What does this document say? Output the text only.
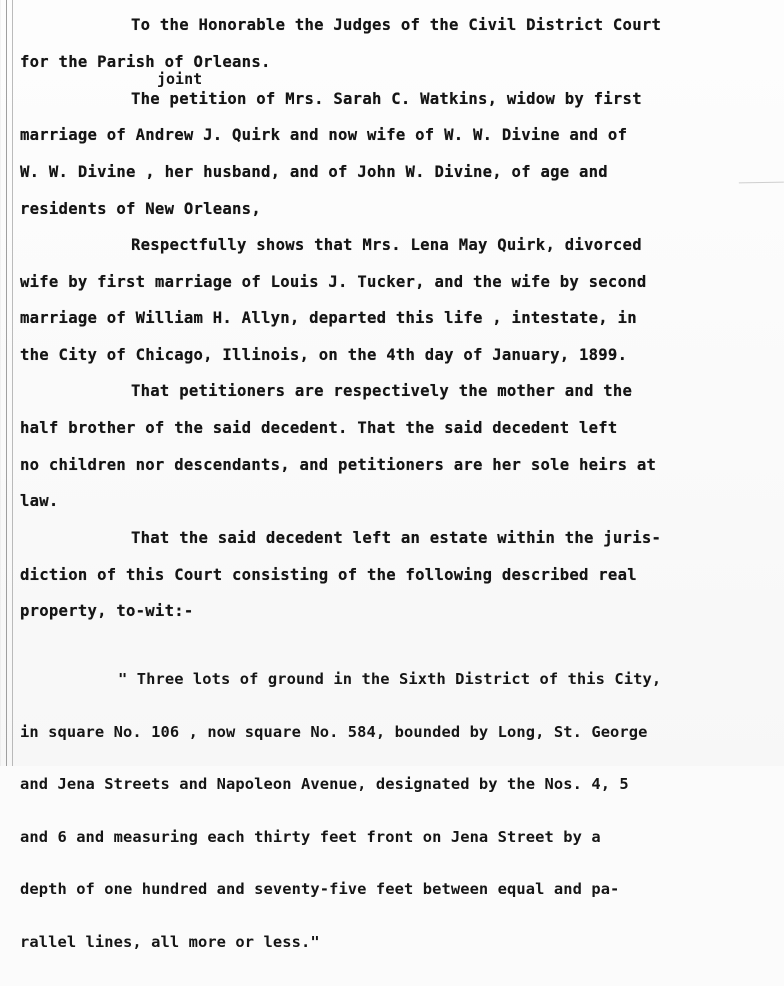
To the Honorable the Judges of the Civil District Court
for the Parish of Orleans.
joint
The petition of Mrs. Sarah C. Watkins, widow by first
marriage of Andrew J. Quirk and now wife of W. W. Divine and of
W. W. Divine , her husband, and of John W. Divine, of age and
residents of New Orleans,
Respectfully shows that Mrs. Lena May Quirk, divorced
wife by first marriage of Louis J. Tucker, and the wife by second
marriage of William H. Allyn, departed this life , intestate, in
the City of Chicago, Illinois, on the 4th day of January, 1899.
That petitioners are respectively the mother and the
half brother of the said decedent. That the said decedent left
no children nor descendants, and petitioners are her sole heirs at
law.
That the said decedent left an estate within the juris-
diction of this Court consisting of the following described real
property, to-wit:-

" Three lots of ground in the Sixth District of this City,

in square No. 106 , now square No. 584, bounded by Long, St. George

and Jena Streets and Napoleon Avenue, designated by the Nos. 4, 5

and 6 and measuring each thirty feet front on Jena Street by a

depth of one hundred and seventy-five feet between equal and pa-

rallel lines, all more or less."
